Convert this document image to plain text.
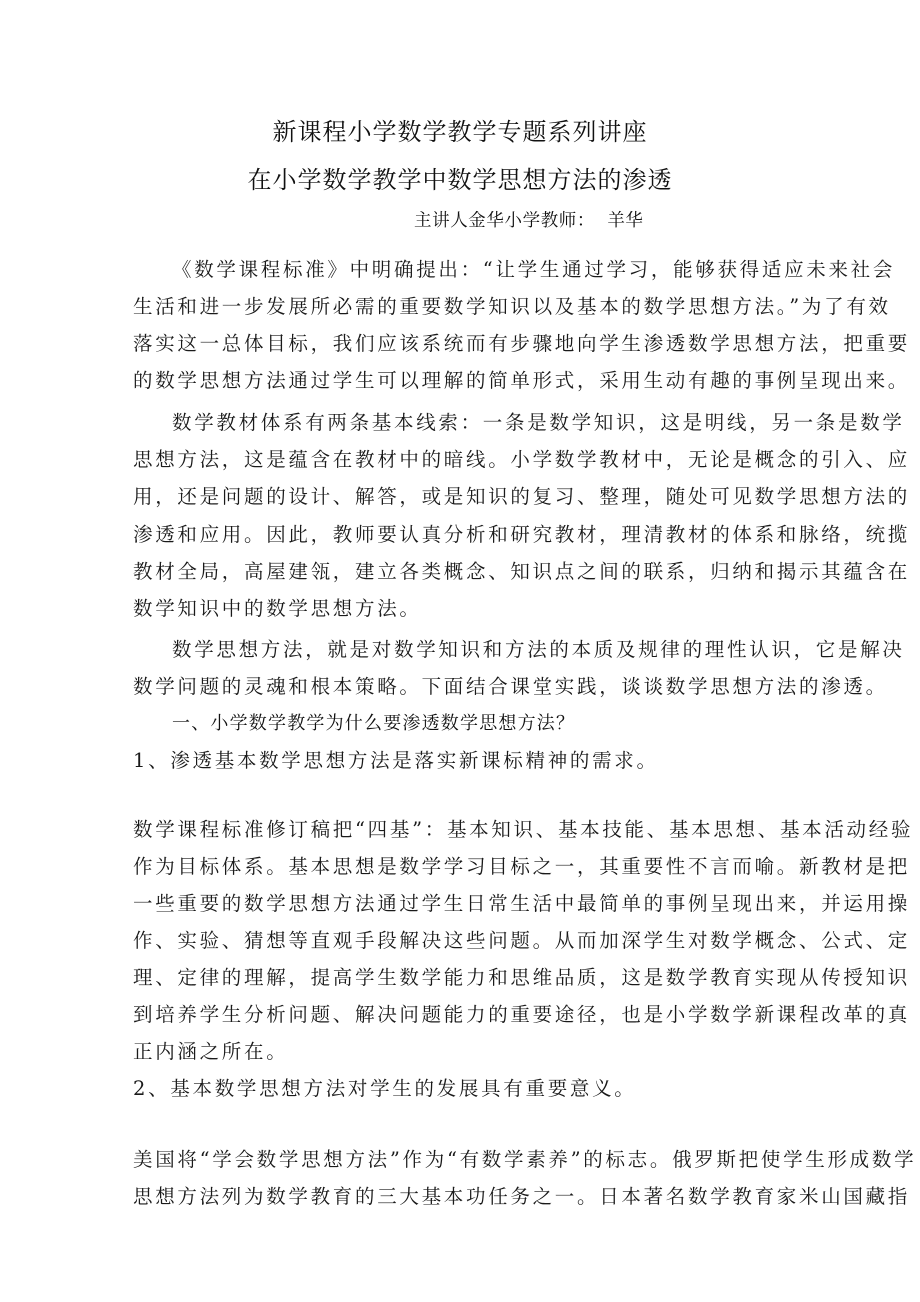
新课程小学数学教学专题系列讲座
在小学数学教学中数学思想方法的渗透
主讲人金华小学教师：  羊华
《数学课程标准》中明确提出：“让学生通过学习，能够获得适应未来社会
生活和进一步发展所必需的重要数学知识以及基本的数学思想方法。”为了有效
落实这一总体目标，我们应该系统而有步骤地向学生渗透数学思想方法，把重要
的数学思想方法通过学生可以理解的简单形式，采用生动有趣的事例呈现出来。
数学教材体系有两条基本线索：一条是数学知识，这是明线，另一条是数学
思想方法，这是蕴含在教材中的暗线。小学数学教材中，无论是概念的引入、应
用，还是问题的设计、解答，或是知识的复习、整理，随处可见数学思想方法的
渗透和应用。因此，教师要认真分析和研究教材，理清教材的体系和脉络，统揽
教材全局，高屋建瓴，建立各类概念、知识点之间的联系，归纳和揭示其蕴含在
数学知识中的数学思想方法。
数学思想方法，就是对数学知识和方法的本质及规律的理性认识，它是解决
数学问题的灵魂和根本策略。下面结合课堂实践，谈谈数学思想方法的渗透。
一、小学数学教学为什么要渗透数学思想方法？
1、渗透基本数学思想方法是落实新课标精神的需求。
数学课程标准修订稿把“四基”：基本知识、基本技能、基本思想、基本活动经验
作为目标体系。基本思想是数学学习目标之一，其重要性不言而喻。新教材是把
一些重要的数学思想方法通过学生日常生活中最简单的事例呈现出来，并运用操
作、实验、猜想等直观手段解决这些问题。从而加深学生对数学概念、公式、定
理、定律的理解，提高学生数学能力和思维品质，这是数学教育实现从传授知识
到培养学生分析问题、解决问题能力的重要途径，也是小学数学新课程改革的真
正内涵之所在。
2、基本数学思想方法对学生的发展具有重要意义。
美国将“学会数学思想方法”作为“有数学素养”的标志。俄罗斯把使学生形成数学
思想方法列为数学教育的三大基本功任务之一。日本著名数学教育家米山国藏指
